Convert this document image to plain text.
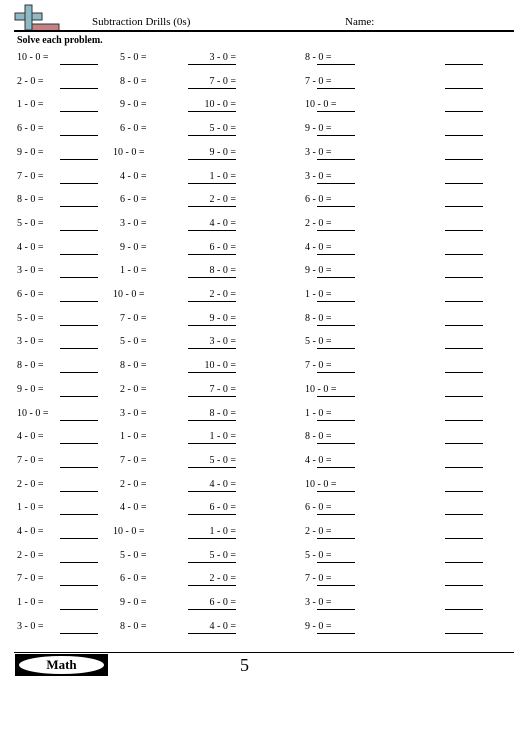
Subtraction Drills (0s)	Name:
Solve each problem.
10 - 0 =	5 - 0 =	3 - 0 =	8 - 0 =
2 - 0 =	8 - 0 =	7 - 0 =	7 - 0 =
1 - 0 =	9 - 0 =	10 - 0 =	10 - 0 =
6 - 0 =	6 - 0 =	5 - 0 =	9 - 0 =
9 - 0 =	10 - 0 =	9 - 0 =	3 - 0 =
7 - 0 =	4 - 0 =	1 - 0 =	3 - 0 =
8 - 0 =	6 - 0 =	2 - 0 =	6 - 0 =
5 - 0 =	3 - 0 =	4 - 0 =	2 - 0 =
4 - 0 =	9 - 0 =	6 - 0 =	4 - 0 =
3 - 0 =	1 - 0 =	8 - 0 =	9 - 0 =
6 - 0 =	10 - 0 =	2 - 0 =	1 - 0 =
5 - 0 =	7 - 0 =	9 - 0 =	8 - 0 =
3 - 0 =	5 - 0 =	3 - 0 =	5 - 0 =
8 - 0 =	8 - 0 =	10 - 0 =	7 - 0 =
9 - 0 =	2 - 0 =	7 - 0 =	10 - 0 =
10 - 0 =	3 - 0 =	8 - 0 =	1 - 0 =
4 - 0 =	1 - 0 =	1 - 0 =	8 - 0 =
7 - 0 =	7 - 0 =	5 - 0 =	4 - 0 =
2 - 0 =	2 - 0 =	4 - 0 =	10 - 0 =
1 - 0 =	4 - 0 =	6 - 0 =	6 - 0 =
4 - 0 =	10 - 0 =	1 - 0 =	2 - 0 =
2 - 0 =	5 - 0 =	5 - 0 =	5 - 0 =
7 - 0 =	6 - 0 =	2 - 0 =	7 - 0 =
1 - 0 =	9 - 0 =	6 - 0 =	3 - 0 =
3 - 0 =	8 - 0 =	4 - 0 =	9 - 0 =
Math	5
